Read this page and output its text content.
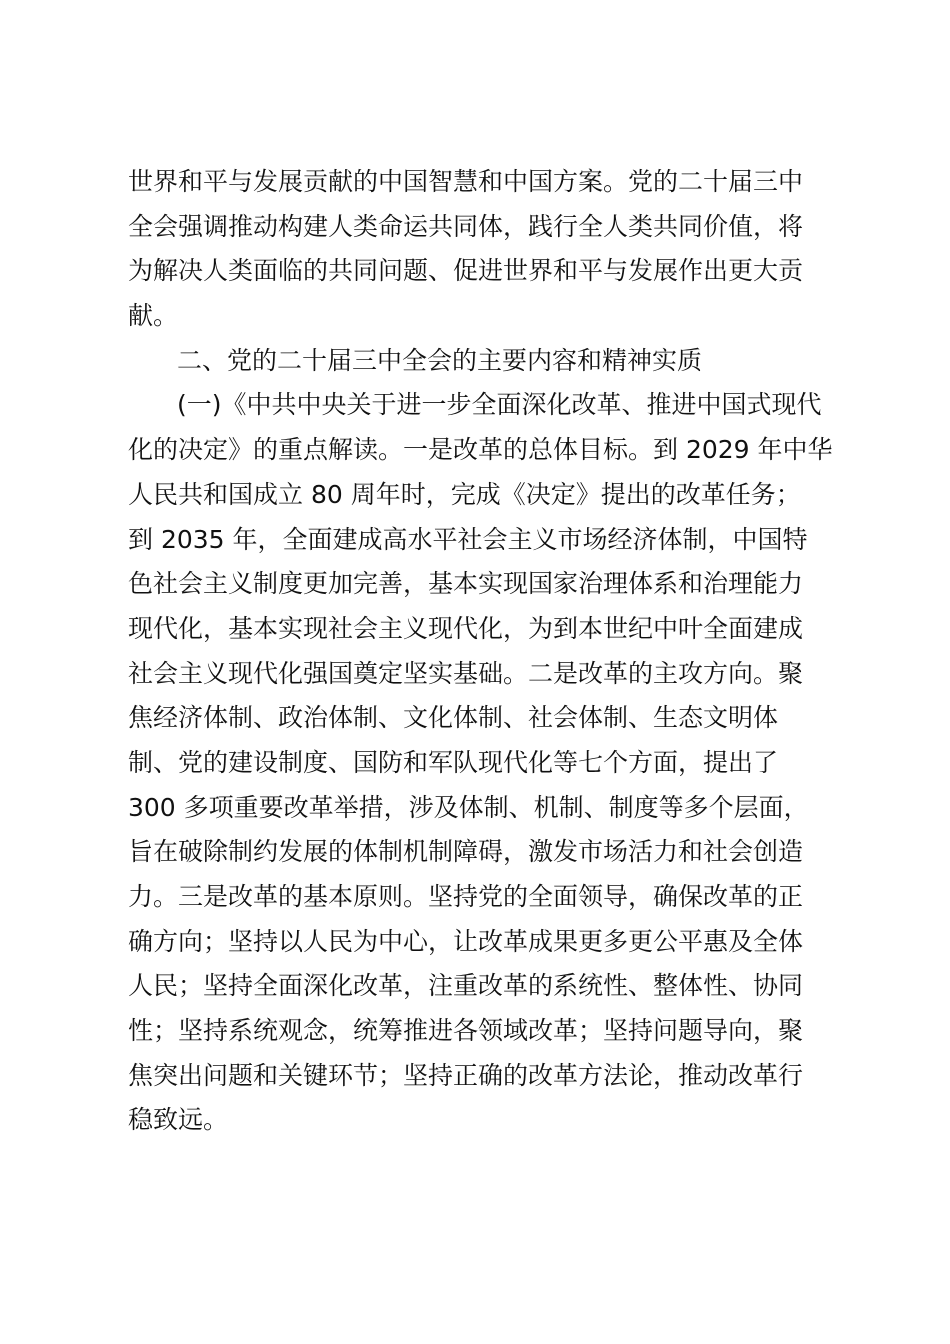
世界和平与发展贡献的中国智慧和中国方案。党的二十届三中
全会强调推动构建人类命运共同体，践行全人类共同价值，将
为解决人类面临的共同问题、促进世界和平与发展作出更大贡
献。
二、党的二十届三中全会的主要内容和精神实质
(一)《中共中央关于进一步全面深化改革、推进中国式现代
化的决定》的重点解读。一是改革的总体目标。到 2029 年中华
人民共和国成立 80 周年时，完成《决定》提出的改革任务；
到 2035 年，全面建成高水平社会主义市场经济体制，中国特
色社会主义制度更加完善，基本实现国家治理体系和治理能力
现代化，基本实现社会主义现代化，为到本世纪中叶全面建成
社会主义现代化强国奠定坚实基础。二是改革的主攻方向。聚
焦经济体制、政治体制、文化体制、社会体制、生态文明体
制、党的建设制度、国防和军队现代化等七个方面，提出了
300 多项重要改革举措，涉及体制、机制、制度等多个层面，
旨在破除制约发展的体制机制障碍，激发市场活力和社会创造
力。三是改革的基本原则。坚持党的全面领导，确保改革的正
确方向；坚持以人民为中心，让改革成果更多更公平惠及全体
人民；坚持全面深化改革，注重改革的系统性、整体性、协同
性；坚持系统观念，统筹推进各领域改革；坚持问题导向，聚
焦突出问题和关键环节；坚持正确的改革方法论，推动改革行
稳致远。
